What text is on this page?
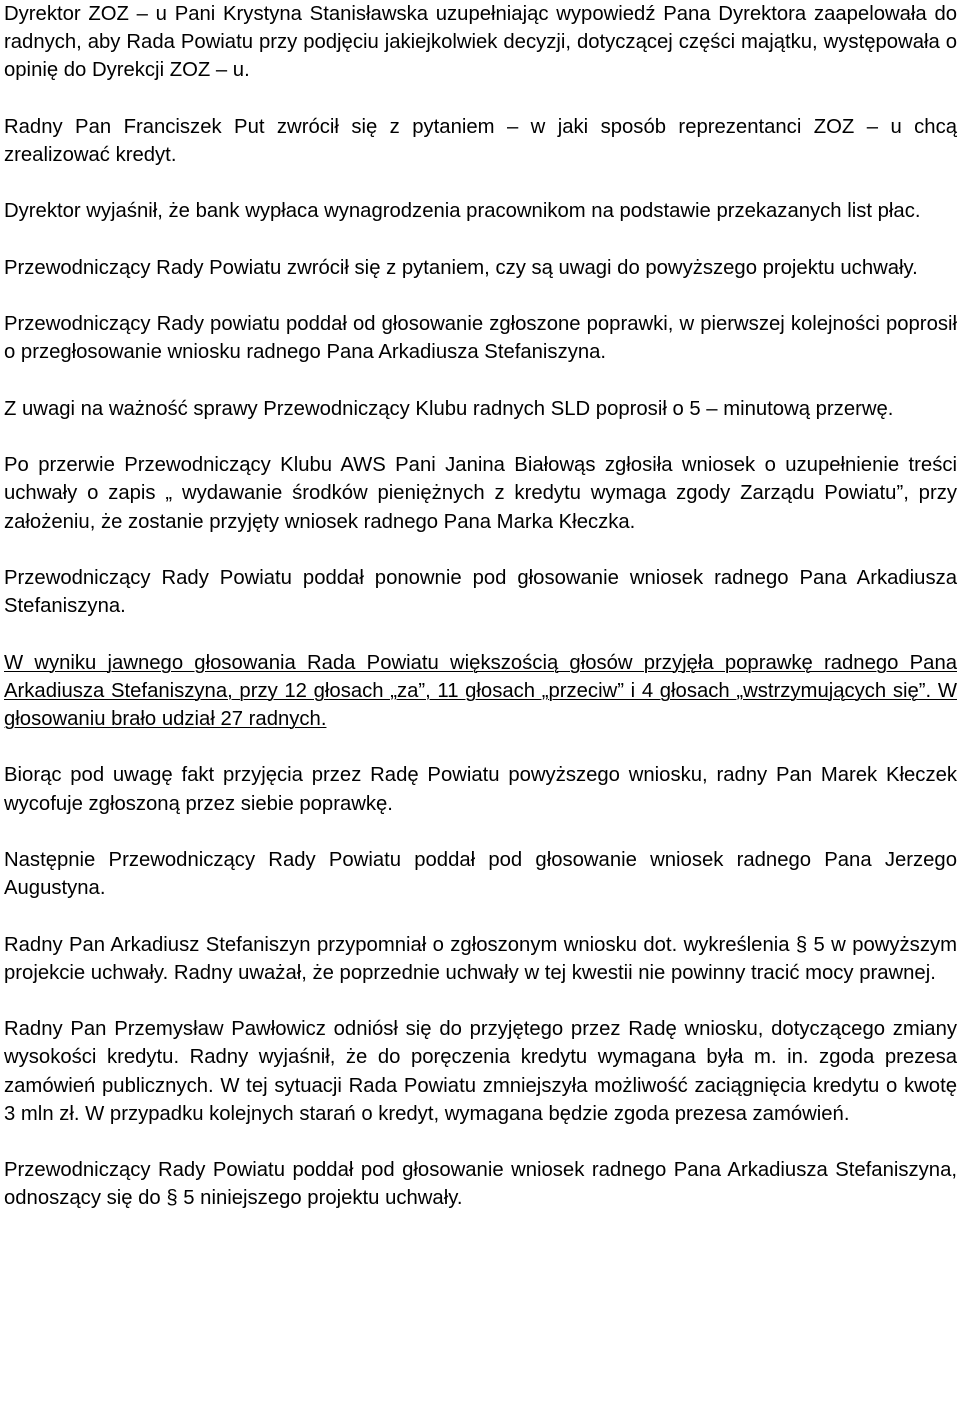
Dyrektor ZOZ – u Pani Krystyna Stanisławska uzupełniając wypowiedź Pana Dyrektora zaapelowała do radnych, aby Rada Powiatu przy podjęciu jakiejkolwiek decyzji, dotyczącej części majątku, występowała o opinię do Dyrekcji ZOZ – u.

Radny Pan Franciszek Put zwrócił się z pytaniem – w jaki sposób reprezentanci ZOZ – u chcą zrealizować kredyt.

Dyrektor wyjaśnił, że bank wypłaca wynagrodzenia pracownikom na podstawie przekazanych list płac.

Przewodniczący Rady Powiatu zwrócił się z pytaniem, czy są uwagi do powyższego projektu uchwały.

Przewodniczący Rady powiatu poddał od głosowanie zgłoszone poprawki, w pierwszej kolejności poprosił o przegłosowanie wniosku radnego Pana Arkadiusza Stefaniszyna.

Z uwagi na ważność sprawy Przewodniczący Klubu radnych SLD poprosił o 5 – minutową przerwę.

Po przerwie Przewodniczący Klubu AWS Pani Janina Białowąs zgłosiła wniosek o uzupełnienie treści uchwały o zapis „ wydawanie środków pieniężnych z kredytu wymaga zgody Zarządu Powiatu”, przy założeniu, że zostanie przyjęty wniosek radnego Pana Marka Kłeczka.

Przewodniczący Rady Powiatu poddał ponownie pod głosowanie wniosek radnego Pana Arkadiusza Stefaniszyna.

W wyniku jawnego głosowania Rada Powiatu większością głosów przyjęła poprawkę radnego Pana Arkadiusza Stefaniszyna, przy 12 głosach „za”, 11 głosach „przeciw” i 4 głosach „wstrzymujących się”. W głosowaniu brało udział 27 radnych.

Biorąc pod uwagę fakt przyjęcia przez Radę Powiatu powyższego wniosku, radny Pan Marek Kłeczek wycofuje zgłoszoną przez siebie poprawkę.

Następnie Przewodniczący Rady Powiatu poddał pod głosowanie wniosek radnego Pana Jerzego Augustyna.

Radny Pan Arkadiusz Stefaniszyn przypomniał o zgłoszonym wniosku dot. wykreślenia § 5 w powyższym projekcie uchwały. Radny uważał, że poprzednie uchwały w tej kwestii nie powinny tracić mocy prawnej.

Radny Pan Przemysław Pawłowicz odniósł się do przyjętego przez Radę wniosku, dotyczącego zmiany wysokości kredytu. Radny wyjaśnił, że do poręczenia kredytu wymagana była m. in. zgoda prezesa zamówień publicznych. W tej sytuacji Rada Powiatu zmniejszyła możliwość zaciągnięcia kredytu o kwotę 3 mln zł. W przypadku kolejnych starań o kredyt, wymagana będzie zgoda prezesa zamówień.

Przewodniczący Rady Powiatu poddał pod głosowanie wniosek radnego Pana Arkadiusza Stefaniszyna, odnoszący się do § 5 niniejszego projektu uchwały.
